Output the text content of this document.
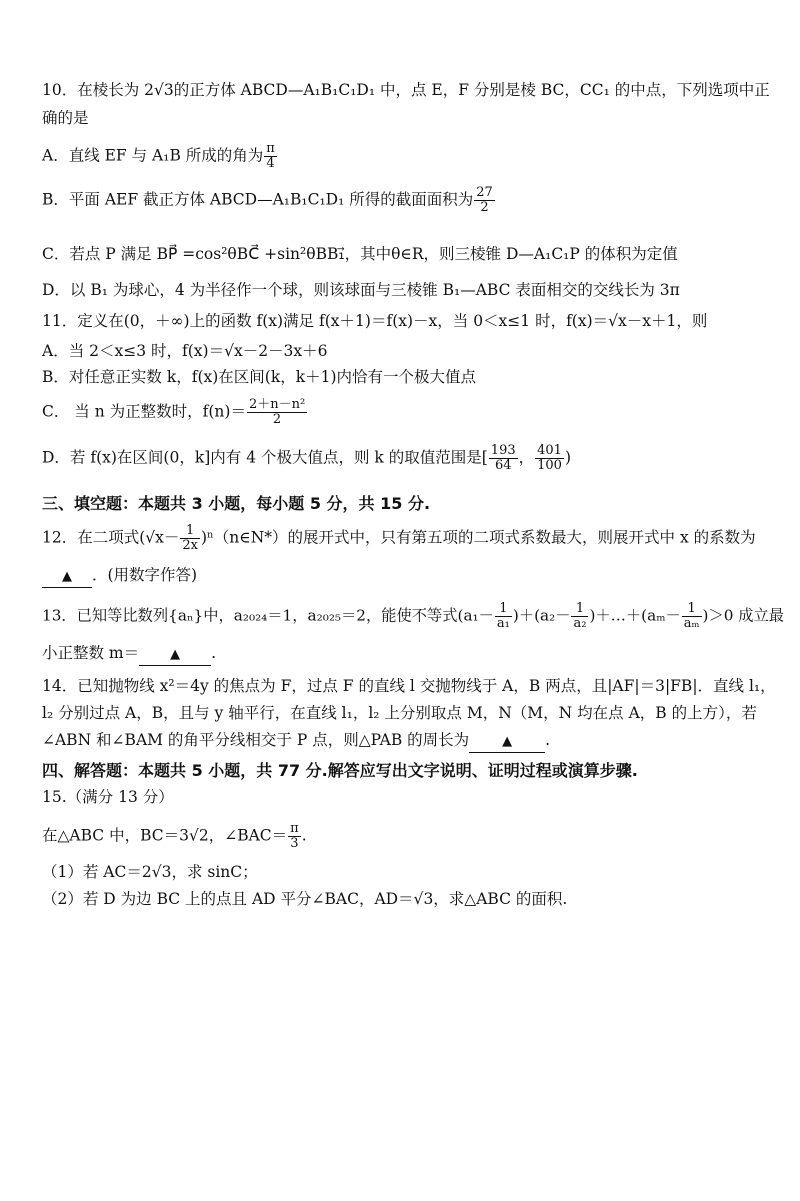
10．在棱长为 2√3的正方体 ABCD—A₁B₁C₁D₁ 中，点 E，F 分别是棱 BC，CC₁ 的中点，下列选项中正
确的是
A．直线 EF 与 A₁B 所成的角为 $\frac{\pi}{4}$
B．平面 AEF 截正方体 ABCD—A₁B₁C₁D₁ 所得的截面面积为 $\frac{27}{2}$
C．若点 P 满足 BP⃗ =cos²θBC⃗ +sin²θBB₁⃗，其中θ∈R，则三棱锥 D—A₁C₁P 的体积为定值
D．以 B₁ 为球心，4 为半径作一个球，则该球面与三棱锥 B₁—ABC 表面相交的交线长为 3π
11．定义在(0，＋∞)上的函数 f(x)满足 f(x＋1)＝f(x)－x，当 0＜x≤1 时，f(x)＝√x－x＋1，则
A．当 2＜x≤3 时，f(x)＝√x－2－3x＋6
B．对任意正实数 k，f(x)在区间(k，k＋1)内恰有一个极大值点
C． 当 n 为正整数时，$f(n)= \frac{\text{2＋n－n²}}{2}$
D．若 f(x)在区间(0，k]内有 4 个极大值点，则 k 的取值范围是[ $\frac{193}{64}$ ， $\frac{401}{100}$ )
三、填空题：本题共 3 小题，每小题 5 分，共 15 分.
12．在二项式($√x- \frac{1}{2x}$ )ⁿ（n∈N*）的展开式中，只有第五项的二项式系数最大，则展开式中 x 的系数为
▲ ．(用数字作答)
13．已知等比数列{aₙ}中，a₂₀₂₄＝1，a₂₀₂₅＝2，能使不等式$(a_1- \frac{1}{\text{a₁}} )+(a_2- \frac{1}{\text{a₂}}$ )＋…＋(aₘ－ $\frac{1}{\text{aₘ}} )>0$ 成立最
小正整数 m＝ ▲ .
14．已知抛物线 x²＝4y 的焦点为 F，过点 F 的直线 l 交抛物线于 A，B 两点，且|AF|＝3|FB|．直线 l₁，
l₂ 分别过点 A，B，且与 y 轴平行，在直线 l₁，l₂ 上分别取点 M，N（M，N 均在点 A，B 的上方），若
∠ABN 和∠BAM 的角平分线相交于 P 点，则△PAB 的周长为	▲ .
四、解答题：本题共 5 小题，共 77 分.解答应写出文字说明、证明过程或演算步骤.
15.（满分 13 分）
在△ABC 中，BC＝3√2，∠BAC＝ $\frac{\pi}{3}$ .
（1）若 AC＝2√3，求 sinC；
（2）若 D 为边 BC 上的点且 AD 平分∠BAC，AD＝√3，求△ABC 的面积.
